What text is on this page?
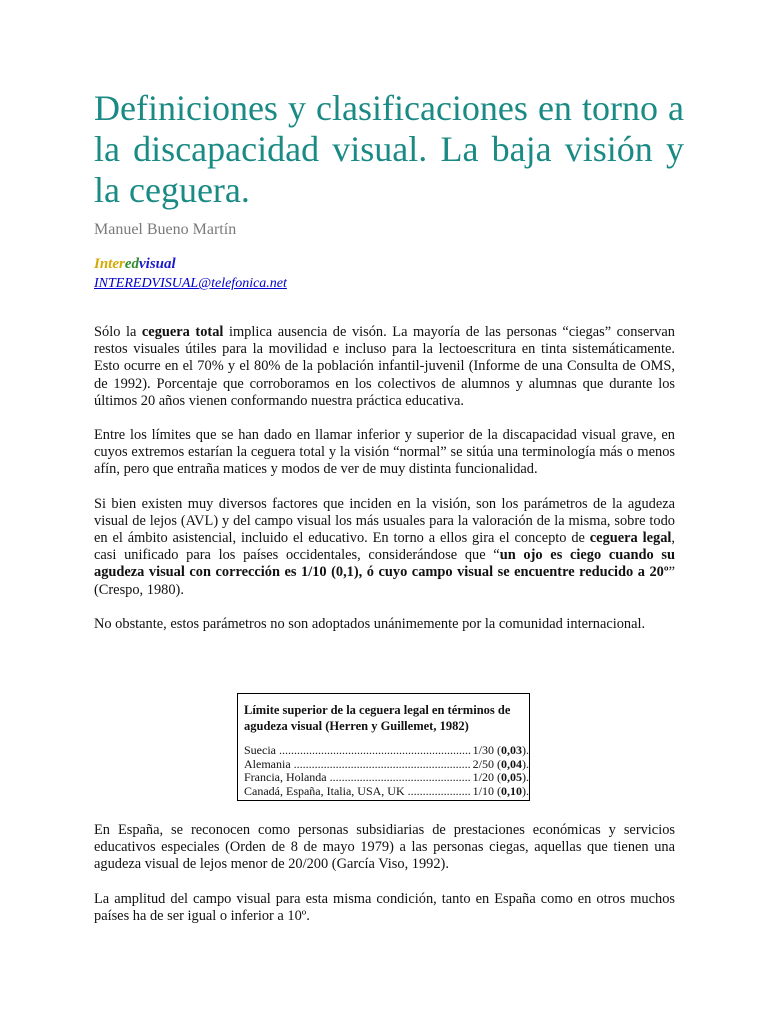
Definiciones y clasificaciones en torno a la discapacidad visual. La baja visión y la ceguera.

Manuel Bueno Martín

Interedvisual

INTEREDVISUAL@telefonica.net

Sólo la ceguera total implica ausencia de visón. La mayoría de las personas “ciegas” conservan restos visuales útiles para la movilidad e incluso para la lectoescritura en tinta sistemáticamente. Esto ocurre en el 70% y el 80% de la población infantil-juvenil (Informe de una Consulta de OMS, de 1992). Porcentaje que corroboramos en los colectivos de alumnos y alumnas que durante los últimos 20 años vienen conformando nuestra práctica educativa.

Entre los límites que se han dado en llamar inferior y superior de la discapacidad visual grave, en cuyos extremos estarían la ceguera total y la visión “normal” se sitúa una terminología más o menos afín, pero que entraña matices y modos de ver de muy distinta funcionalidad.

Si bien existen muy diversos factores que inciden en la visión, son los parámetros de la agudeza visual de lejos (AVL) y del campo visual los más usuales para la valoración de la misma, sobre todo en el ámbito asistencial, incluido el educativo. En torno a ellos gira el concepto de ceguera legal, casi unificado para los países occidentales, considerándose que “un ojo es ciego cuando su agudeza visual con corrección es 1/10 (0,1), ó cuyo campo visual se encuentre reducido a 20º” (Crespo, 1980).

No obstante, estos parámetros no son adoptados unánimemente por la comunidad internacional.

Límite superior de la ceguera legal en términos de agudeza visual (Herren y Guillemet, 1982)

Suecia .....	1/30 (0,03).
Alemania .....	2/50 (0,04).
Francia, Holanda .....	1/20 (0,05).
Canadá, España, Italia, USA, UK .....	1/10 (0,10).

En España, se reconocen como personas subsidiarias de prestaciones económicas y servicios educativos especiales (Orden de 8 de mayo 1979) a las personas ciegas, aquellas que tienen una agudeza visual de lejos menor de 20/200 (García Viso, 1992).

La amplitud del campo visual para esta misma condición, tanto en España como en otros muchos países ha de ser igual o inferior a 10º.
